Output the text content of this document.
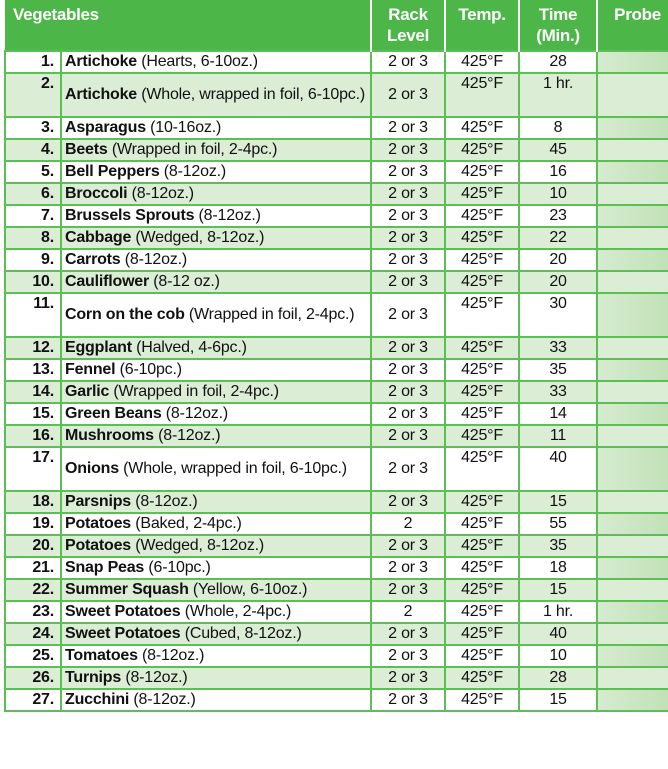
Vegetables		Rack Level	Temp.	Time (Min.)	Probe
1.	Artichoke (Hearts, 6-10oz.)	2 or 3	425°F	28	
2.	Artichoke (Whole, wrapped in foil, 6-10pc.)	2 or 3	425°F	1 hr.	
3.	Asparagus (10-16oz.)	2 or 3	425°F	8	
4.	Beets (Wrapped in foil, 2-4pc.)	2 or 3	425°F	45	
5.	Bell Peppers (8-12oz.)	2 or 3	425°F	16	
6.	Broccoli (8-12oz.)	2 or 3	425°F	10	
7.	Brussels Sprouts (8-12oz.)	2 or 3	425°F	23	
8.	Cabbage (Wedged, 8-12oz.)	2 or 3	425°F	22	
9.	Carrots (8-12oz.)	2 or 3	425°F	20	
10.	Cauliflower (8-12 oz.)	2 or 3	425°F	20	
11.	Corn on the cob (Wrapped in foil, 2-4pc.)	2 or 3	425°F	30	
12.	Eggplant (Halved, 4-6pc.)	2 or 3	425°F	33	
13.	Fennel (6-10pc.)	2 or 3	425°F	35	
14.	Garlic (Wrapped in foil, 2-4pc.)	2 or 3	425°F	33	
15.	Green Beans (8-12oz.)	2 or 3	425°F	14	
16.	Mushrooms (8-12oz.)	2 or 3	425°F	11	
17.	Onions (Whole, wrapped in foil, 6-10pc.)	2 or 3	425°F	40	
18.	Parsnips (8-12oz.)	2 or 3	425°F	15	
19.	Potatoes (Baked, 2-4pc.)	2	425°F	55	
20.	Potatoes (Wedged, 8-12oz.)	2 or 3	425°F	35	
21.	Snap Peas (6-10pc.)	2 or 3	425°F	18	
22.	Summer Squash (Yellow, 6-10oz.)	2 or 3	425°F	15	
23.	Sweet Potatoes (Whole, 2-4pc.)	2	425°F	1 hr.	
24.	Sweet Potatoes (Cubed, 8-12oz.)	2 or 3	425°F	40	
25.	Tomatoes (8-12oz.)	2 or 3	425°F	10	
26.	Turnips (8-12oz.)	2 or 3	425°F	28	
27.	Zucchini (8-12oz.)	2 or 3	425°F	15	
